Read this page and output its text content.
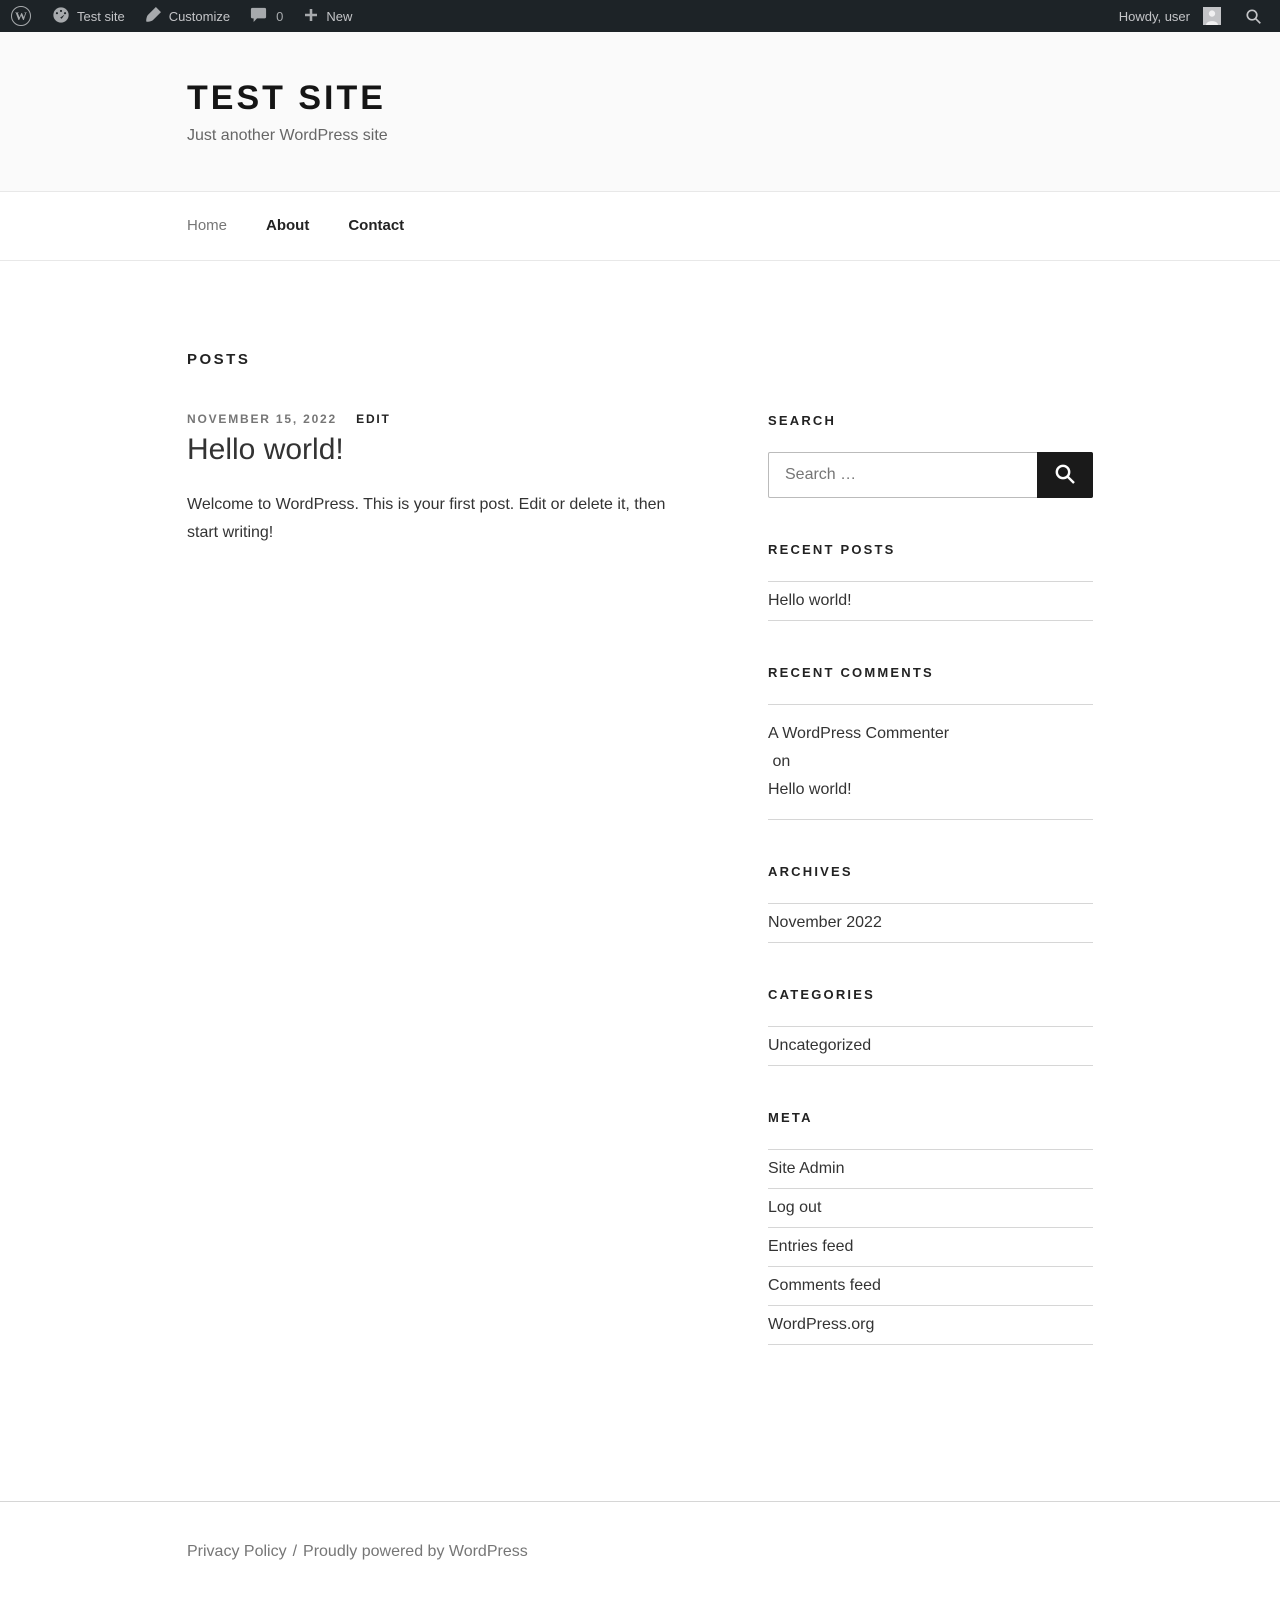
W	Test site	Customize	0	New	Howdy, user
TEST SITE
Just another WordPress site
Home	About	Contact
POSTS
NOVEMBER 15, 2022 EDIT
Hello world!

Welcome to WordPress. This is your first post. Edit or delete it, then start writing!

SEARCH
Search …
RECENT POSTS
Hello world!
RECENT COMMENTS
A WordPress Commenter
on
Hello world!
ARCHIVES
November 2022
CATEGORIES
Uncategorized
META
Site Admin
Log out
Entries feed
Comments feed
WordPress.org
Privacy Policy / Proudly powered by WordPress
